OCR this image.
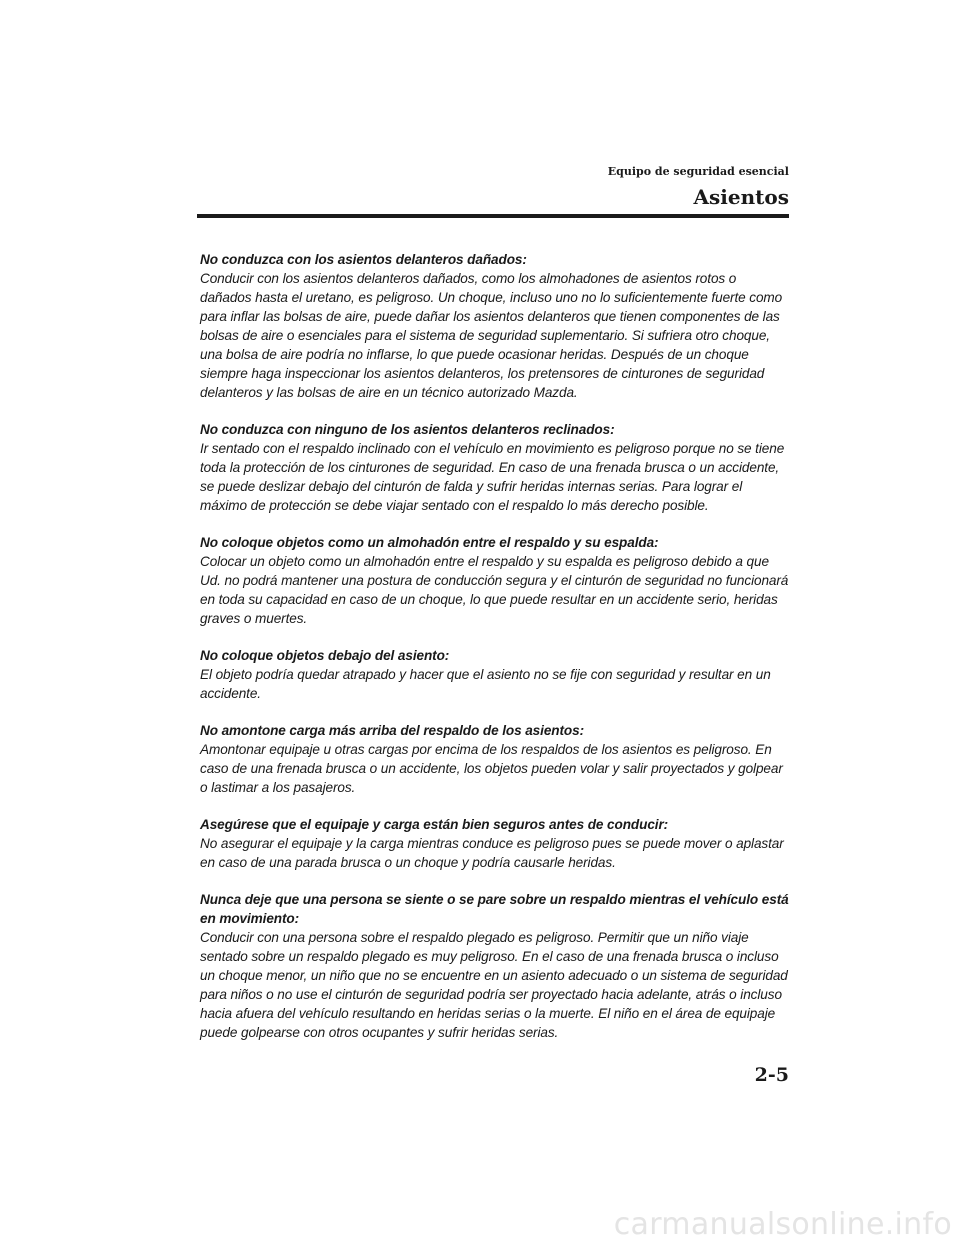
Equipo de seguridad esencial
Asientos
No conduzca con los asientos delanteros dañados:
Conducir con los asientos delanteros dañados, como los almohadones de asientos rotos o dañados hasta el uretano, es peligroso. Un choque, incluso uno no lo suficientemente fuerte como para inflar las bolsas de aire, puede dañar los asientos delanteros que tienen componentes de las bolsas de aire o esenciales para el sistema de seguridad suplementario. Si sufriera otro choque, una bolsa de aire podría no inflarse, lo que puede ocasionar heridas. Después de un choque siempre haga inspeccionar los asientos delanteros, los pretensores de cinturones de seguridad delanteros y las bolsas de aire en un técnico autorizado Mazda.
No conduzca con ninguno de los asientos delanteros reclinados:
Ir sentado con el respaldo inclinado con el vehículo en movimiento es peligroso porque no se tiene toda la protección de los cinturones de seguridad. En caso de una frenada brusca o un accidente, se puede deslizar debajo del cinturón de falda y sufrir heridas internas serias. Para lograr el máximo de protección se debe viajar sentado con el respaldo lo más derecho posible.
No coloque objetos como un almohadón entre el respaldo y su espalda:
Colocar un objeto como un almohadón entre el respaldo y su espalda es peligroso debido a que Ud. no podrá mantener una postura de conducción segura y el cinturón de seguridad no funcionará en toda su capacidad en caso de un choque, lo que puede resultar en un accidente serio, heridas graves o muertes.
No coloque objetos debajo del asiento:
El objeto podría quedar atrapado y hacer que el asiento no se fije con seguridad y resultar en un accidente.
No amontone carga más arriba del respaldo de los asientos:
Amontonar equipaje u otras cargas por encima de los respaldos de los asientos es peligroso. En caso de una frenada brusca o un accidente, los objetos pueden volar y salir proyectados y golpear o lastimar a los pasajeros.
Asegúrese que el equipaje y carga están bien seguros antes de conducir:
No asegurar el equipaje y la carga mientras conduce es peligroso pues se puede mover o aplastar en caso de una parada brusca o un choque y podría causarle heridas.
Nunca deje que una persona se siente o se pare sobre un respaldo mientras el vehículo está en movimiento:
Conducir con una persona sobre el respaldo plegado es peligroso. Permitir que un niño viaje sentado sobre un respaldo plegado es muy peligroso. En el caso de una frenada brusca o incluso un choque menor, un niño que no se encuentre en un asiento adecuado o un sistema de seguridad para niños o no use el cinturón de seguridad podría ser proyectado hacia adelante, atrás o incluso hacia afuera del vehículo resultando en heridas serias o la muerte. El niño en el área de equipaje puede golpearse con otros ocupantes y sufrir heridas serias.
2-5
carmanualsonline.info
